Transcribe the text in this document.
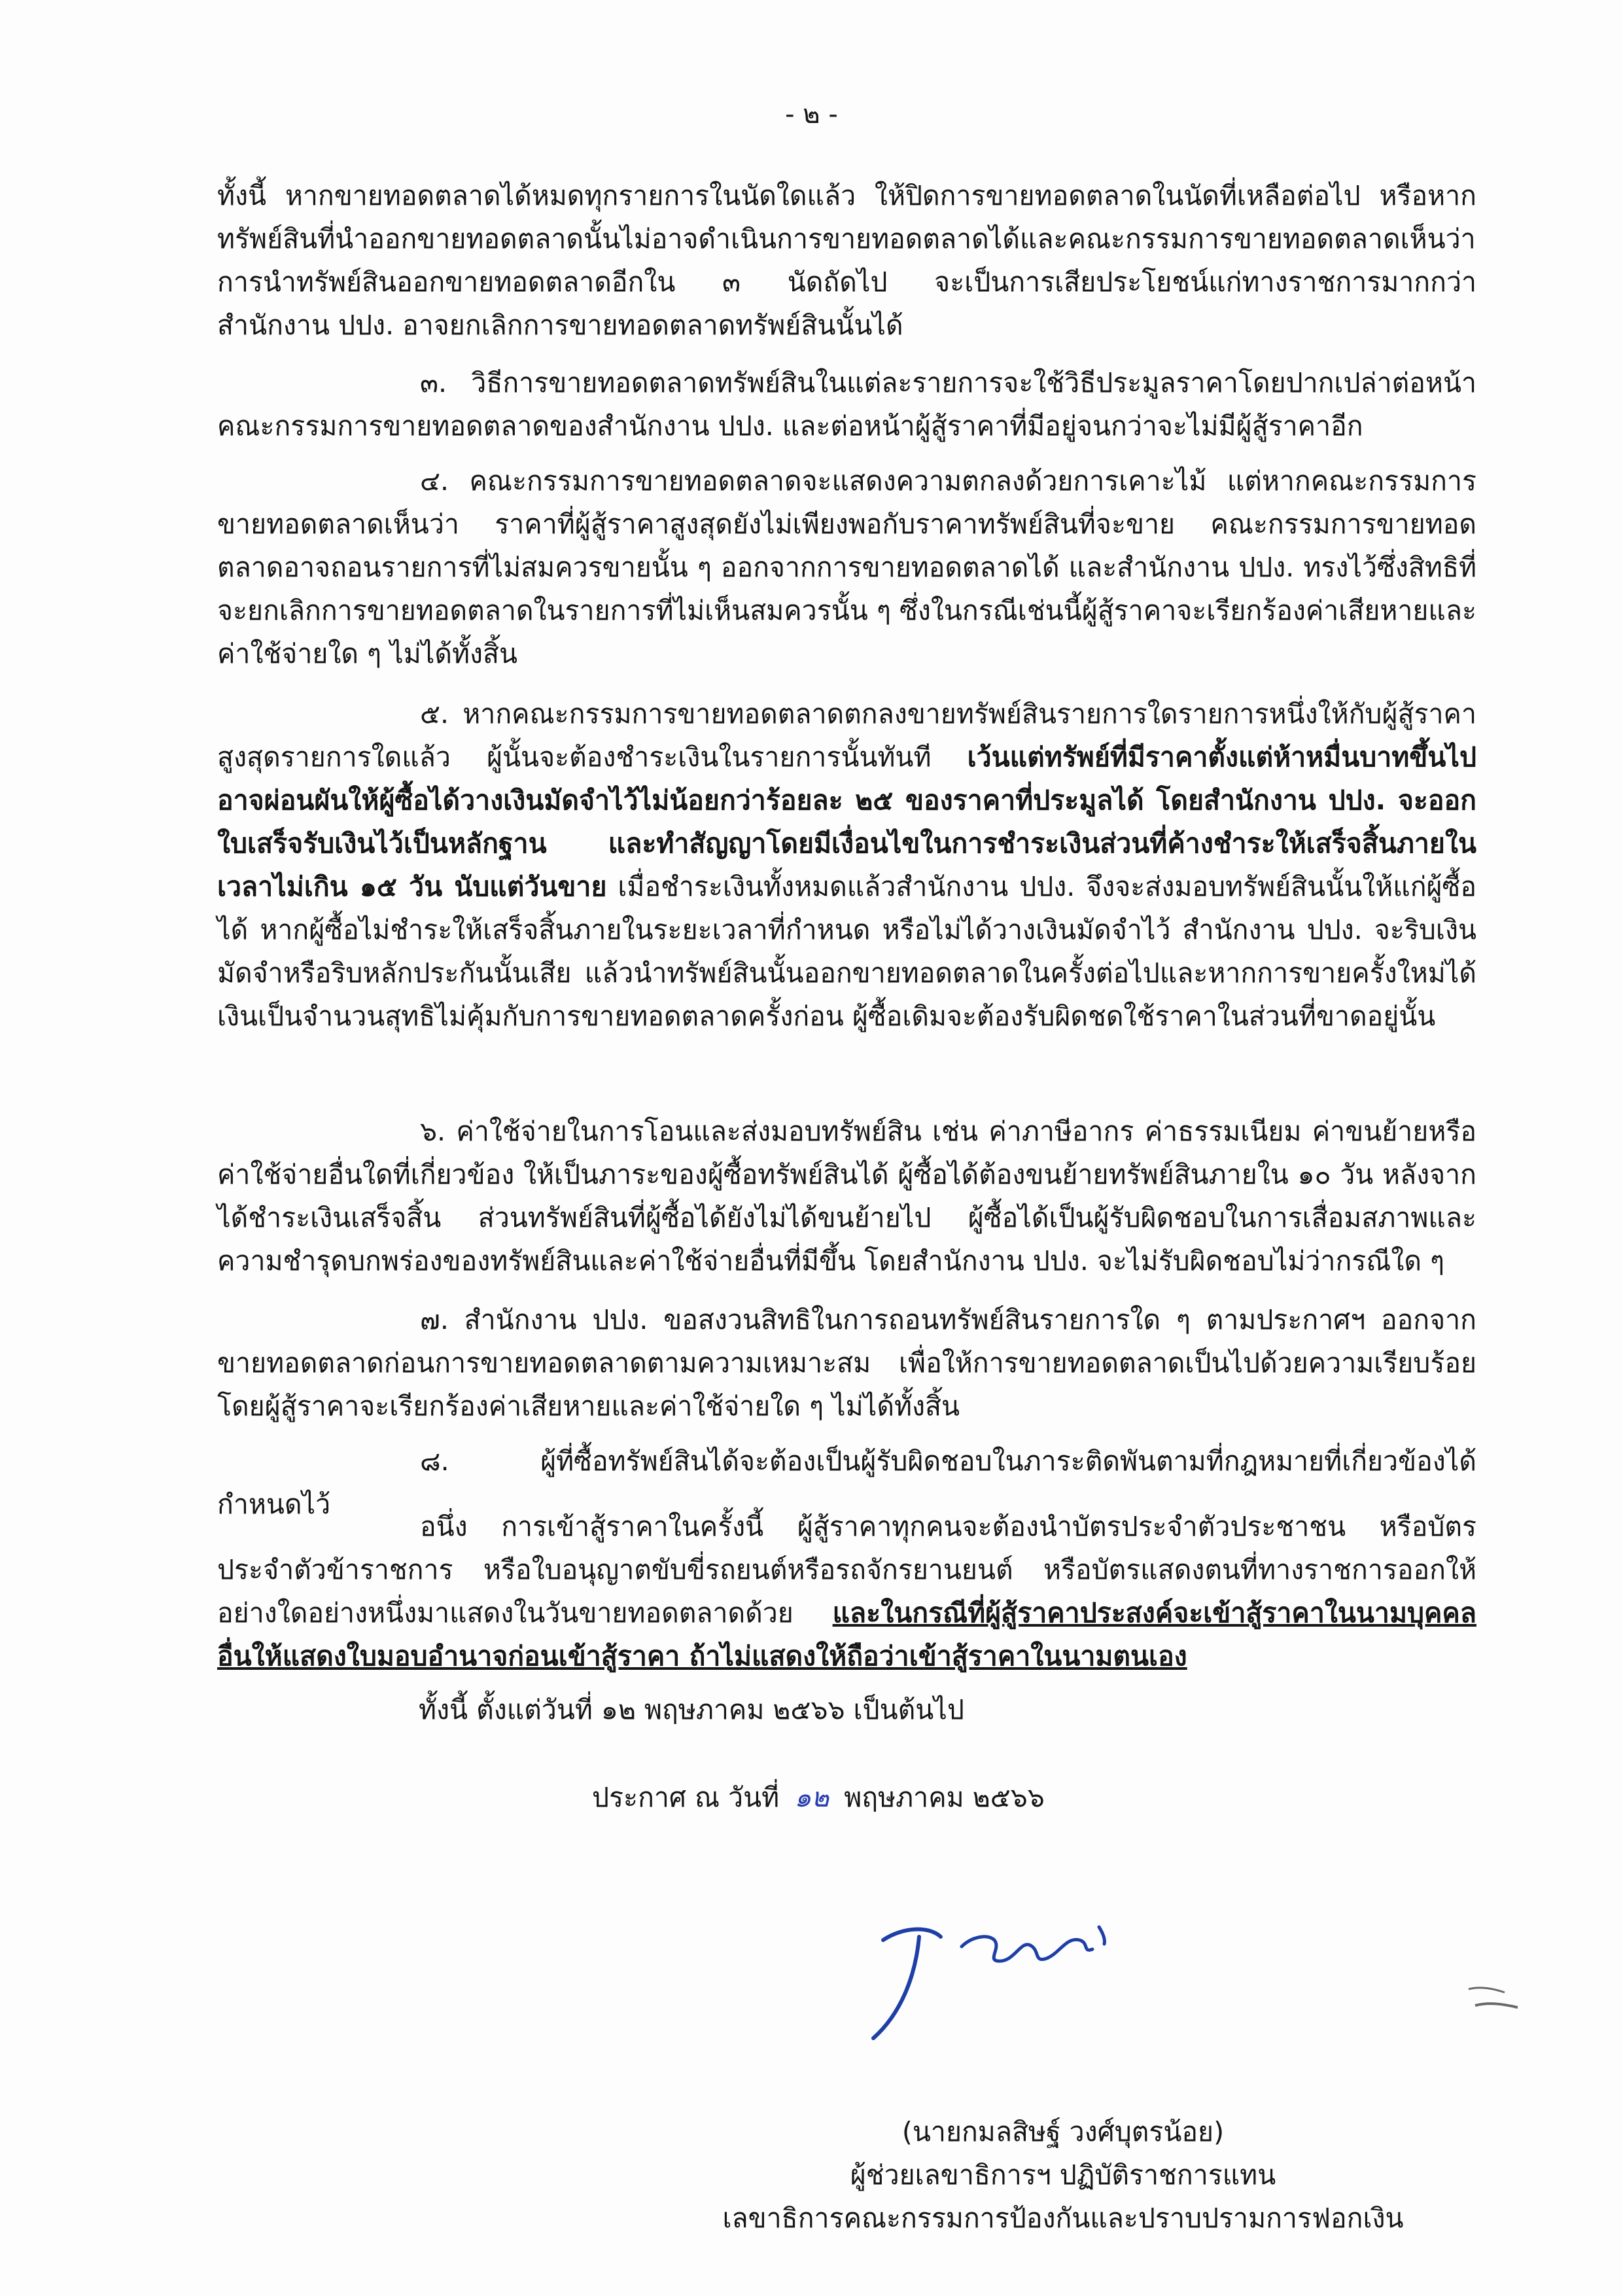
- ๒ -

ทั้งนี้ หากขายทอดตลาดได้หมดทุกรายการในนัดใดแล้ว ให้ปิดการขายทอดตลาดในนัดที่เหลือต่อไป หรือหากทรัพย์สินที่นำออกขายทอดตลาดนั้นไม่อาจดำเนินการขายทอดตลาดได้และคณะกรรมการขายทอดตลาดเห็นว่า การนำทรัพย์สินออกขายทอดตลาดอีกใน ๓ นัดถัดไป จะเป็นการเสียประโยชน์แก่ทางราชการมากกว่า สำนักงาน ปปง. อาจยกเลิกการขายทอดตลาดทรัพย์สินนั้นได้

๓. วิธีการขายทอดตลาดทรัพย์สินในแต่ละรายการจะใช้วิธีประมูลราคาโดยปากเปล่าต่อหน้าคณะกรรมการขายทอดตลาดของสำนักงาน ปปง. และต่อหน้าผู้สู้ราคาที่มีอยู่จนกว่าจะไม่มีผู้สู้ราคาอีก

๔. คณะกรรมการขายทอดตลาดจะแสดงความตกลงด้วยการเคาะไม้ แต่หากคณะกรรมการขายทอดตลาดเห็นว่า ราคาที่ผู้สู้ราคาสูงสุดยังไม่เพียงพอกับราคาทรัพย์สินที่จะขาย คณะกรรมการขายทอดตลาดอาจถอนรายการที่ไม่สมควรขายนั้น ๆ ออกจากการขายทอดตลาดได้ และสำนักงาน ปปง. ทรงไว้ซึ่งสิทธิที่จะยกเลิกการขายทอดตลาดในรายการที่ไม่เห็นสมควรนั้น ๆ ซึ่งในกรณีเช่นนี้ผู้สู้ราคาจะเรียกร้องค่าเสียหายและค่าใช้จ่ายใด ๆ ไม่ได้ทั้งสิ้น

๕. หากคณะกรรมการขายทอดตลาดตกลงขายทรัพย์สินรายการใดรายการหนึ่งให้กับผู้สู้ราคาสูงสุดรายการใดแล้ว ผู้นั้นจะต้องชำระเงินในรายการนั้นทันที เว้นแต่ทรัพย์ที่มีราคาตั้งแต่ห้าหมื่นบาทขึ้นไป อาจผ่อนผันให้ผู้ซื้อได้วางเงินมัดจำไว้ไม่น้อยกว่าร้อยละ ๒๕ ของราคาที่ประมูลได้ โดยสำนักงาน ปปง. จะออกใบเสร็จรับเงินไว้เป็นหลักฐาน และทำสัญญาโดยมีเงื่อนไขในการชำระเงินส่วนที่ค้างชำระให้เสร็จสิ้นภายในเวลาไม่เกิน ๑๕ วัน นับแต่วันขาย เมื่อชำระเงินทั้งหมดแล้วสำนักงาน ปปง. จึงจะส่งมอบทรัพย์สินนั้นให้แก่ผู้ซื้อได้ หากผู้ซื้อไม่ชำระให้เสร็จสิ้นภายในระยะเวลาที่กำหนด หรือไม่ได้วางเงินมัดจำไว้ สำนักงาน ปปง. จะริบเงินมัดจำหรือริบหลักประกันนั้นเสีย แล้วนำทรัพย์สินนั้นออกขายทอดตลาดในครั้งต่อไปและหากการขายครั้งใหม่ได้เงินเป็นจำนวนสุทธิไม่คุ้มกับการขายทอดตลาดครั้งก่อน ผู้ซื้อเดิมจะต้องรับผิดชดใช้ราคาในส่วนที่ขาดอยู่นั้น

๖. ค่าใช้จ่ายในการโอนและส่งมอบทรัพย์สิน เช่น ค่าภาษีอากร ค่าธรรมเนียม ค่าขนย้ายหรือค่าใช้จ่ายอื่นใดที่เกี่ยวข้อง ให้เป็นภาระของผู้ซื้อทรัพย์สินได้ ผู้ซื้อได้ต้องขนย้ายทรัพย์สินภายใน ๑๐ วัน หลังจากได้ชำระเงินเสร็จสิ้น ส่วนทรัพย์สินที่ผู้ซื้อได้ยังไม่ได้ขนย้ายไป ผู้ซื้อได้เป็นผู้รับผิดชอบในการเสื่อมสภาพและความชำรุดบกพร่องของทรัพย์สินและค่าใช้จ่ายอื่นที่มีขึ้น โดยสำนักงาน ปปง. จะไม่รับผิดชอบไม่ว่ากรณีใด ๆ

๗. สำนักงาน ปปง. ขอสงวนสิทธิในการถอนทรัพย์สินรายการใด ๆ ตามประกาศฯ ออกจากขายทอดตลาดก่อนการขายทอดตลาดตามความเหมาะสม เพื่อให้การขายทอดตลาดเป็นไปด้วยความเรียบร้อยโดยผู้สู้ราคาจะเรียกร้องค่าเสียหายและค่าใช้จ่ายใด ๆ ไม่ได้ทั้งสิ้น

๘. ผู้ที่ซื้อทรัพย์สินได้จะต้องเป็นผู้รับผิดชอบในภาระติดพันตามที่กฎหมายที่เกี่ยวข้องได้กำหนดไว้

อนึ่ง การเข้าสู้ราคาในครั้งนี้ ผู้สู้ราคาทุกคนจะต้องนำบัตรประจำตัวประชาชน หรือบัตรประจำตัวข้าราชการ หรือใบอนุญาตขับขี่รถยนต์หรือรถจักรยานยนต์ หรือบัตรแสดงตนที่ทางราชการออกให้อย่างใดอย่างหนึ่งมาแสดงในวันขายทอดตลาดด้วย และในกรณีที่ผู้สู้ราคาประสงค์จะเข้าสู้ราคาในนามบุคคลอื่นให้แสดงใบมอบอำนาจก่อนเข้าสู้ราคา ถ้าไม่แสดงให้ถือว่าเข้าสู้ราคาในนามตนเอง

ทั้งนี้ ตั้งแต่วันที่ ๑๒ พฤษภาคม ๒๕๖๖ เป็นต้นไป
ประกาศ ณ วันที่ ๑๒ พฤษภาคม ๒๕๖๖
(นายกมลสิษฐ์ วงศ์บุตรน้อย)
ผู้ช่วยเลขาธิการฯ ปฏิบัติราชการแทน
เลขาธิการคณะกรรมการป้องกันและปราบปรามการฟอกเงิน
